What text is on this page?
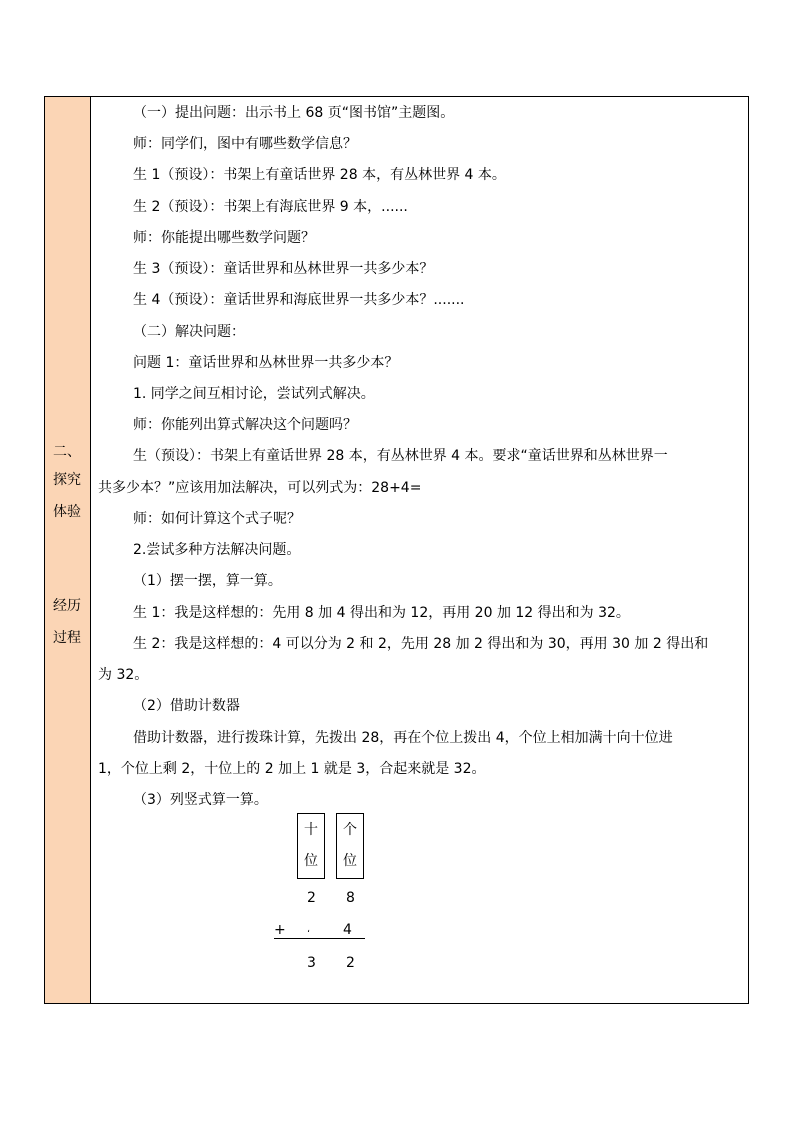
二、
探究
体验
经历
过程
（一）提出问题：出示书上 68 页“图书馆”主题图。
师：同学们，图中有哪些数学信息？
生 1（预设）：书架上有童话世界 28 本，有丛林世界 4 本。
生 2（预设）：书架上有海底世界 9 本，......
师：你能提出哪些数学问题？
生 3（预设）：童话世界和丛林世界一共多少本？
生 4（预设）：童话世界和海底世界一共多少本？.......
（二）解决问题：
问题 1：童话世界和丛林世界一共多少本？
1. 同学之间互相讨论，尝试列式解决。
师：你能列出算式解决这个问题吗？
生（预设）：书架上有童话世界 28 本，有丛林世界 4 本。要求“童话世界和丛林世界一
共多少本？”应该用加法解决，可以列式为：28+4=
师：如何计算这个式子呢？
2.尝试多种方法解决问题。
（1）摆一摆，算一算。
生 1：我是这样想的：先用 8 加 4 得出和为 12，再用 20 加 12 得出和为 32。
生 2：我是这样想的：4 可以分为 2 和 2，先用 28 加 2 得出和为 30，再用 30 加 2 得出和
为 32。
（2）借助计数器
借助计数器，进行拨珠计算，先拨出 28，再在个位上拨出 4，个位上相加满十向十位进
1，个位上剩 2，十位上的 2 加上 1 就是 3，合起来就是 32。
（3）列竖式算一算。
十
位
个
位
2 8
+ ، 4
3 2
